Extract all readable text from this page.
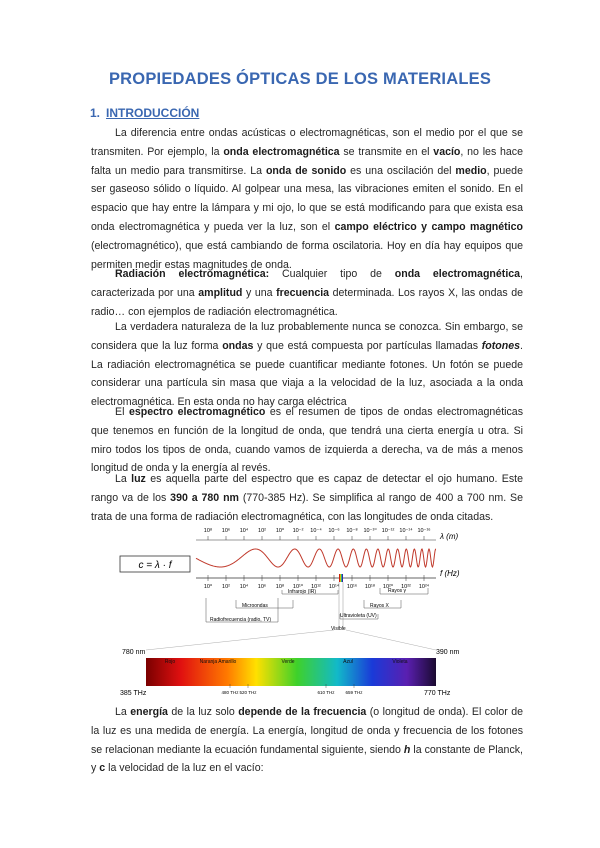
PROPIEDADES ÓPTICAS DE LOS MATERIALES
1. INTRODUCCIÓN

La diferencia entre ondas acústicas o electromagnéticas, son el medio por el que se transmiten. Por ejemplo, la onda electromagnética se transmite en el vacío, no les hace falta un medio para transmitirse. La onda de sonido es una oscilación del medio, puede ser gaseoso sólido o líquido. Al golpear una mesa, las vibraciones emiten el sonido. En el espacio que hay entre la lámpara y mi ojo, lo que se está modificando para que exista esa onda electromagnética y pueda ver la luz, son el campo eléctrico y campo magnético (electromagnético), que está cambiando de forma oscilatoria. Hoy en día hay equipos que permiten medir estas magnitudes de onda.

Radiación electromagnética: Cualquier tipo de onda electromagnética, caracterizada por una amplitud y una frecuencia determinada. Los rayos X, las ondas de radio… con ejemplos de radiación electromagnética.

La verdadera naturaleza de la luz probablemente nunca se conozca. Sin embargo, se considera que la luz forma ondas y que está compuesta por partículas llamadas fotones. La radiación electromagnética se puede cuantificar mediante fotones. Un fotón se puede considerar una partícula sin masa que viaja a la velocidad de la luz, asociada a la onda electromagnética. En esta onda no hay carga eléctrica

El espectro electromagnético es el resumen de tipos de ondas electromagnéticas que tenemos en función de la longitud de onda, que tendrá una cierta energía u otra. Si miro todos los tipos de onda, cuando vamos de izquierda a derecha, va de más a menos longitud de onda y la energía al revés.

La luz es aquella parte del espectro que es capaz de detectar el ojo humano. Este rango va de los 390 a 780 nm (770-385 Hz). Se simplifica al rango de 400 a 700 nm. Se trata de una forma de radiación electromagnética, con las longitudes de onda citadas.

c = λ · f
10⁸ 10⁶ 10⁴ 10² 10⁰ 10⁻² 10⁻⁴ 10⁻⁶ 10⁻⁸ 10⁻¹⁰ 10⁻¹² 10⁻¹⁴ 10⁻¹⁶
λ (m)
10⁰ 10² 10⁴ 10⁶ 10⁸ 10¹⁰ 10¹² 10¹⁴ 10¹⁶ 10¹⁸ 10²⁰ 10²² 10²⁴
f (Hz)
Infrarojo (IR)
Microondas
Radiofrecuencia (radio, TV)
Ultravioleta (UV)
Rayos X
Rayos γ
Visible
780 nm	390 nm
Rojo	Naranja Amarillo	Verde	Azul	Violeta
480 THz 520 THz	610 THz 659 THz
385 THz	770 THz

La energía de la luz solo depende de la frecuencia (o longitud de onda). El color de la luz es una medida de energía. La energía, longitud de onda y frecuencia de los fotones se relacionan mediante la ecuación fundamental siguiente, siendo h la constante de Planck, y c la velocidad de la luz en el vacío:
